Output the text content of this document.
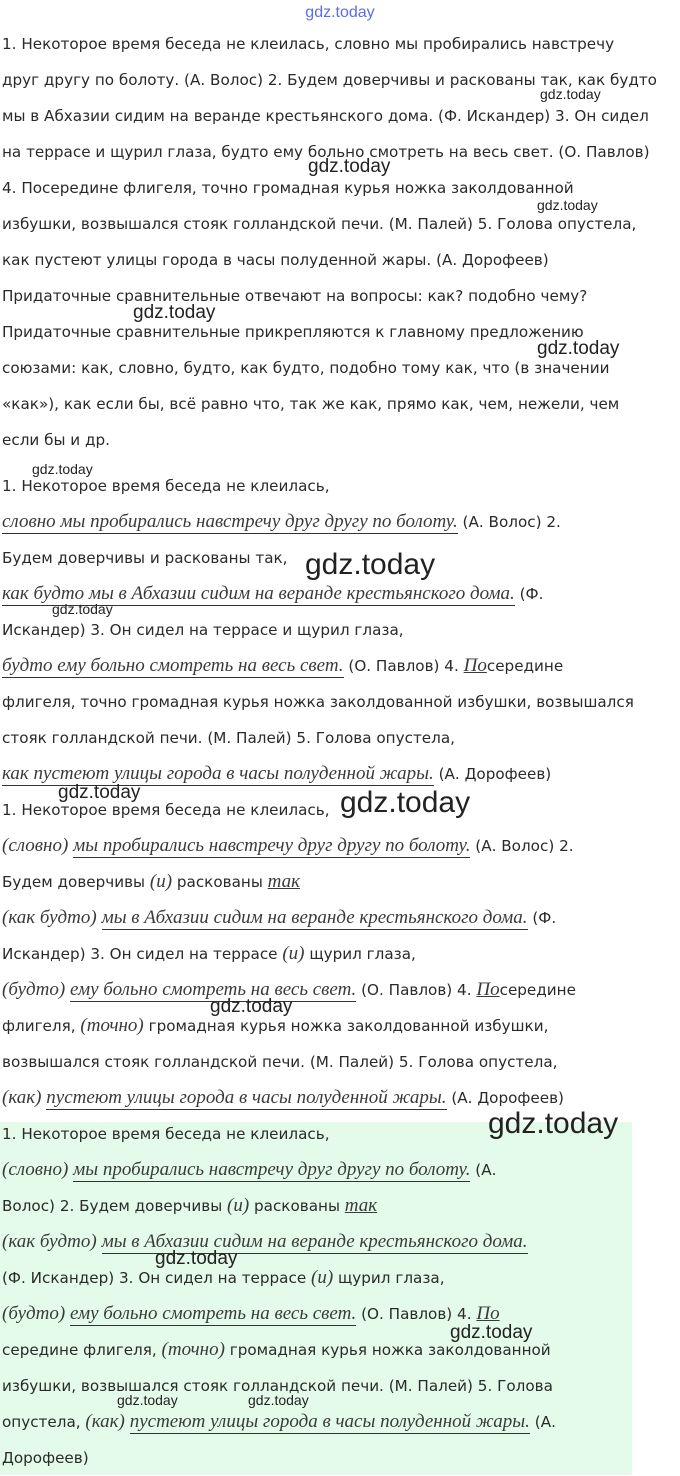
gdz.today

1. Некоторое время беседа не клеилась, словно мы пробирались навстречу

друг другу по болоту. (А. Волос) 2. Будем доверчивы и раскованы так, как будто

мы в Абхазии сидим на веранде крестьянского дома. (Ф. Искандер) 3. Он сидел

на террасе и щурил глаза, будто ему больно смотреть на весь свет. (О. Павлов)

4. Посередине флигеля, точно громадная курья ножка заколдованной

избушки, возвышался стояк голландской печи. (М. Палей) 5. Голова опустела,

как пустеют улицы города в часы полуденной жары. (А. Дорофеев)

Придаточные сравнительные отвечают на вопросы: как? подобно чему?

Придаточные сравнительные прикрепляются к главному предложению

союзами: как, словно, будто, как будто, подобно тому как, что (в значении

«как»), как если бы, всё равно что, так же как, прямо как, чем, нежели, чем

если бы и др.

1. Некоторое время беседа не клеилась,

словно мы пробирались навстречу друг другу по болоту. (А. Волос) 2.

Будем доверчивы и раскованы так,

как будто мы в Абхазии сидим на веранде крестьянского дома. (Ф.

Искандер) 3. Он сидел на террасе и щурил глаза,

будто ему больно смотреть на весь свет. (О. Павлов) 4. Посередине

флигеля, точно громадная курья ножка заколдованной избушки, возвышался

стояк голландской печи. (М. Палей) 5. Голова опустела,

как пустеют улицы города в часы полуденной жары. (А. Дорофеев)

1. Некоторое время беседа не клеилась,

(словно) мы пробирались навстречу друг другу по болоту. (А. Волос) 2.

Будем доверчивы (и) раскованы так

(как будто) мы в Абхазии сидим на веранде крестьянского дома. (Ф.

Искандер) 3. Он сидел на террасе (и) щурил глаза,

(будто) ему больно смотреть на весь свет. (О. Павлов) 4. Посередине

флигеля, (точно) громадная курья ножка заколдованной избушки,

возвышался стояк голландской печи. (М. Палей) 5. Голова опустела,

(как) пустеют улицы города в часы полуденной жары. (А. Дорофеев)

1. Некоторое время беседа не клеилась,

(словно) мы пробирались навстречу друг другу по болоту. (А.

Волос) 2. Будем доверчивы (и) раскованы так

(как будто) мы в Абхазии сидим на веранде крестьянского дома.

(Ф. Искандер) 3. Он сидел на террасе (и) щурил глаза,

(будто) ему больно смотреть на весь свет. (О. Павлов) 4. По

середине флигеля, (точно) громадная курья ножка заколдованной

избушки, возвышался стояк голландской печи. (М. Палей) 5. Голова

опустела, (как) пустеют улицы города в часы полуденной жары. (А.

Дорофеев)

gdz.today
gdz.today
gdz.today
gdz.today
gdz.today
gdz.today
gdz.today
gdz.today
gdz.today	gdz.today
gdz.today
gdz.today
gdz.today
gdz.today
gdz.today	gdz.today
